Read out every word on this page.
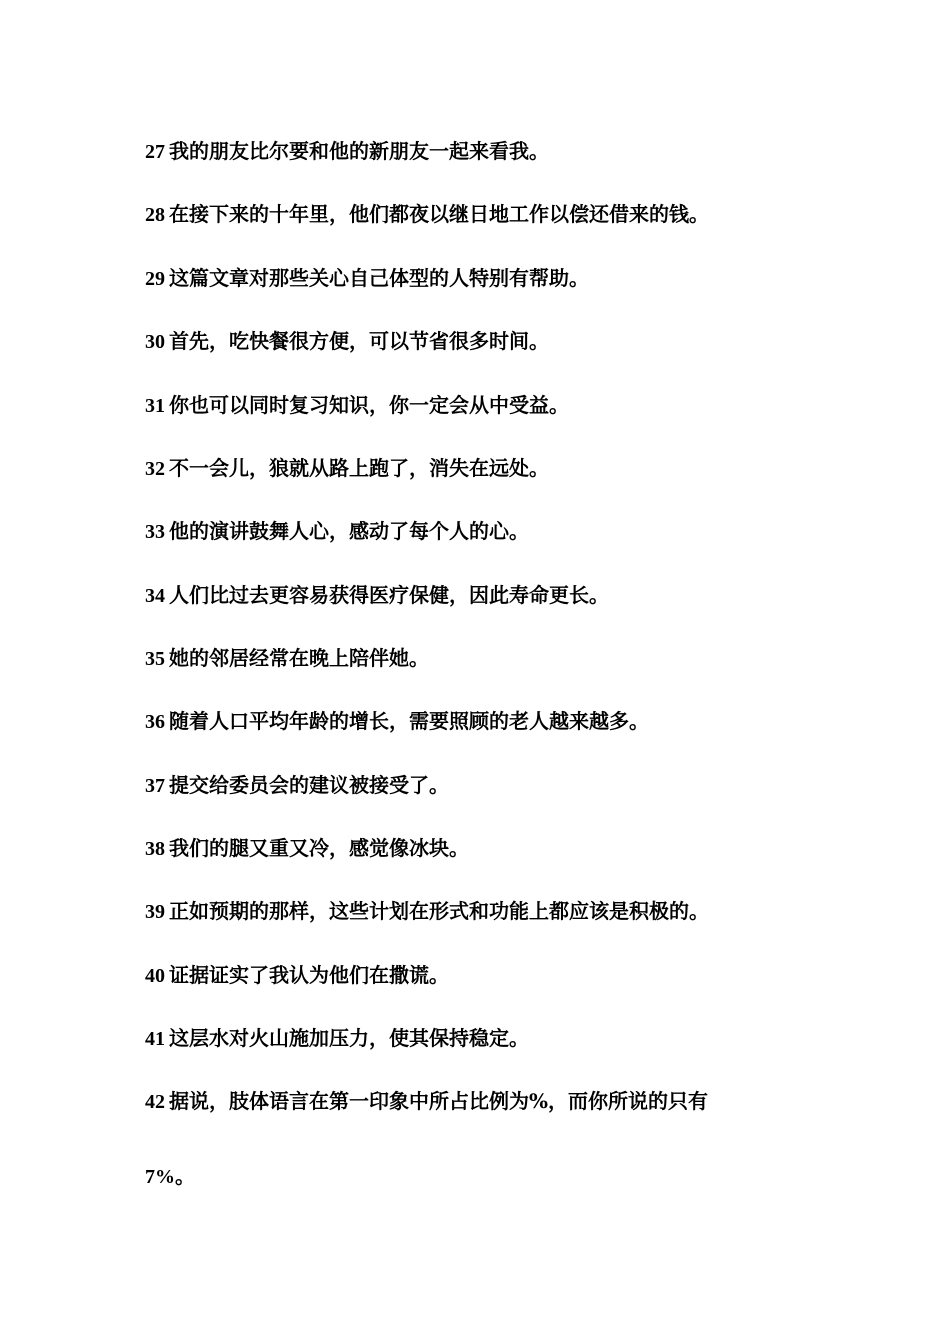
27 我的朋友比尔要和他的新朋友一起来看我。
28 在接下来的十年里，他们都夜以继日地工作以偿还借来的钱。
29 这篇文章对那些关心自己体型的人特别有帮助。
30 首先，吃快餐很方便，可以节省很多时间。
31 你也可以同时复习知识，你一定会从中受益。
32 不一会儿，狼就从路上跑了，消失在远处。
33 他的演讲鼓舞人心，感动了每个人的心。
34 人们比过去更容易获得医疗保健，因此寿命更长。
35 她的邻居经常在晚上陪伴她。
36 随着人口平均年龄的增长，需要照顾的老人越来越多。
37 提交给委员会的建议被接受了。
38 我们的腿又重又冷，感觉像冰块。
39 正如预期的那样，这些计划在形式和功能上都应该是积极的。
40 证据证实了我认为他们在撒谎。
41 这层水对火山施加压力，使其保持稳定。
42 据说，肢体语言在第一印象中所占比例为%，而你所说的只有
7%。
